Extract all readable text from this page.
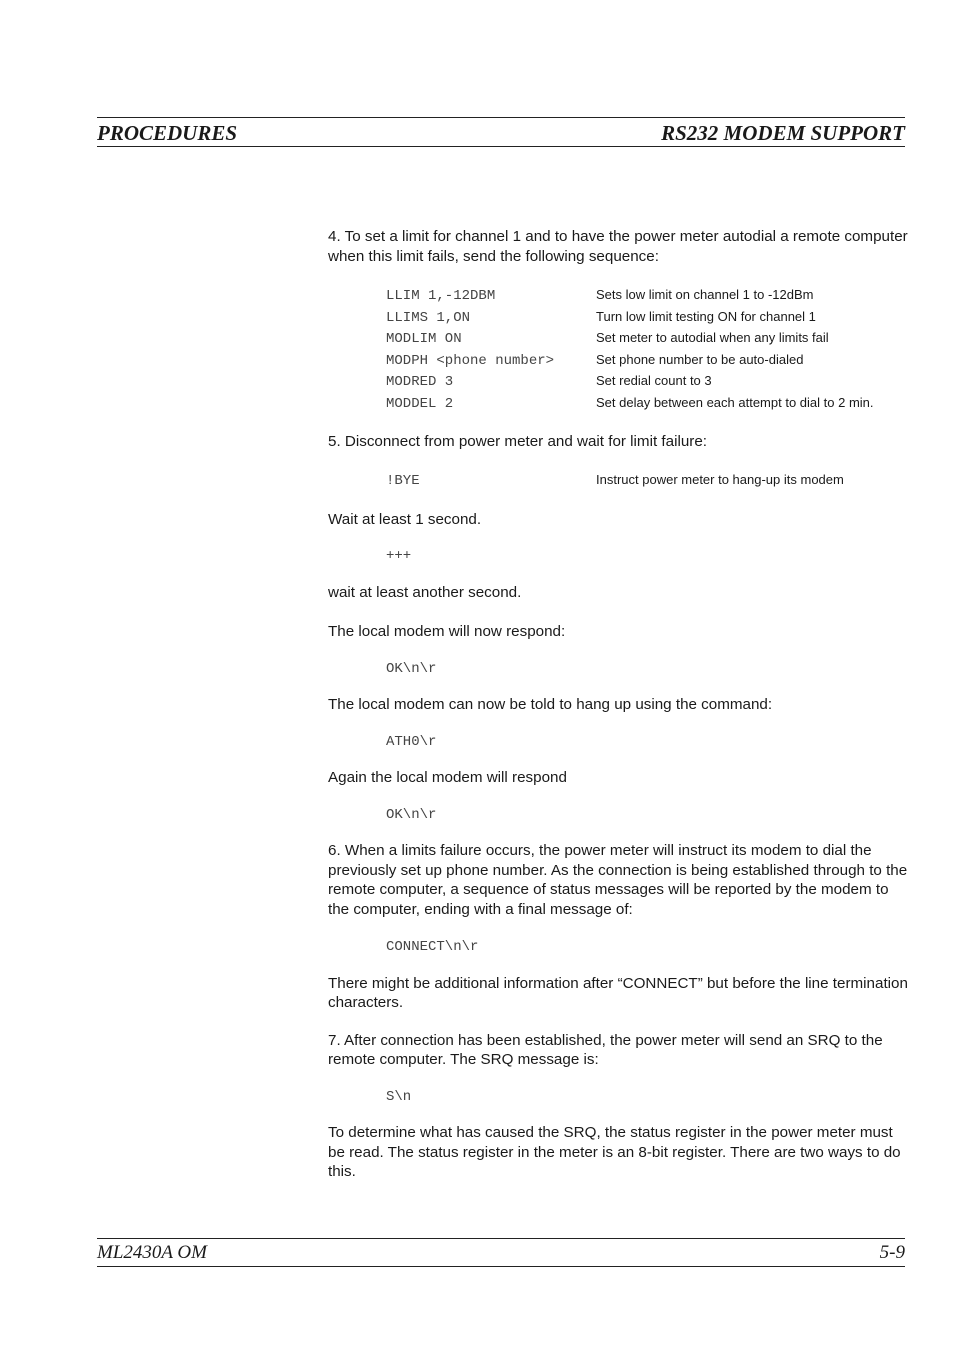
PROCEDURES	RS232 MODEM SUPPORT

4. To set a limit for channel 1 and to have the power meter autodial a remote computer when this limit fails, send the following sequence:

LLIM 1,-12DBM	Sets low limit on channel 1 to -12dBm
LLIMS 1,ON	Turn low limit testing ON for channel 1
MODLIM ON	Set meter to autodial when any limits fail
MODPH <phone number>	Set phone number to be auto-dialed
MODRED 3	Set redial count to 3
MODDEL 2	Set delay between each attempt to dial to 2 min.

5. Disconnect from power meter and wait for limit failure:

!BYE	Instruct power meter to hang-up its modem

Wait at least 1 second.

+++

wait at least another second.

The local modem will now respond:

OK\n\r

The local modem can now be told to hang up using the command:

ATH0\r

Again the local modem will respond

OK\n\r

6. When a limits failure occurs, the power meter will instruct its modem to dial the previously set up phone number. As the connection is being established through to the remote computer, a sequence of status messages will be reported by the modem to the computer, ending with a final message of:

CONNECT\n\r

There might be additional information after “CONNECT” but before the line termination characters.

7. After connection has been established, the power meter will send an SRQ to the remote computer. The SRQ message is:

S\n

To determine what has caused the SRQ, the status register in the power meter must be read. The status register in the meter is an 8-bit register. There are two ways to do this.

ML2430A OM	5-9
